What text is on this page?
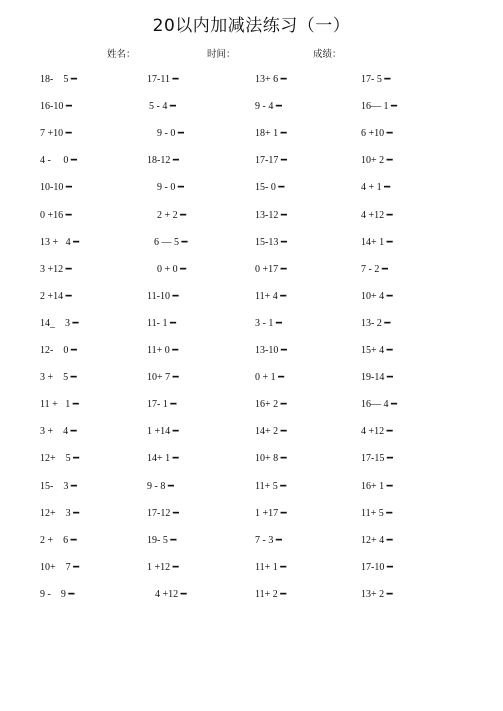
20以内加减法练习（一）
姓名：	时间：	成绩：
18-    5 ━	17-11 ━	13+ 6 ━	17- 5 ━
16-10 ━	5 - 4 ━	9 - 4 ━	16— 1 ━
7 +10 ━	9 - 0 ━	18+ 1 ━	6 +10 ━
4 -     0 ━	18-12 ━	17-17 ━	10+ 2 ━
10-10 ━	9 - 0 ━	15- 0 ━	4 + 1 ━
0 +16 ━	2 + 2 ━	13-12 ━	4 +12 ━
13 +   4 ━	6 — 5 ━	15-13 ━	14+ 1 ━
3 +12 ━	0 + 0 ━	0 +17 ━	7 - 2 ━
2 +14 ━	11-10 ━	11+ 4 ━	10+ 4 ━
14_    3 ━	11- 1 ━	3 - 1 ━	13- 2 ━
12-    0 ━	11+ 0 ━	13-10 ━	15+ 4 ━
3 +    5 ━	10+ 7 ━	0 + 1 ━	19-14 ━
11 +   1 ━	17- 1 ━	16+ 2 ━	16— 4 ━
3 +    4 ━	1 +14 ━	14+ 2 ━	4 +12 ━
12+    5 ━	14+ 1 ━	10+ 8 ━	17-15 ━
15-    3 ━	9 - 8 ━	11+ 5 ━	16+ 1 ━
12+    3 ━	17-12 ━	1 +17 ━	11+ 5 ━
2 +    6 ━	19- 5 ━	7 - 3 ━	12+ 4 ━
10+    7 ━	1 +12 ━	11+ 1 ━	17-10 ━
9 -    9 ━	4 +12 ━	11+ 2 ━	13+ 2 ━
